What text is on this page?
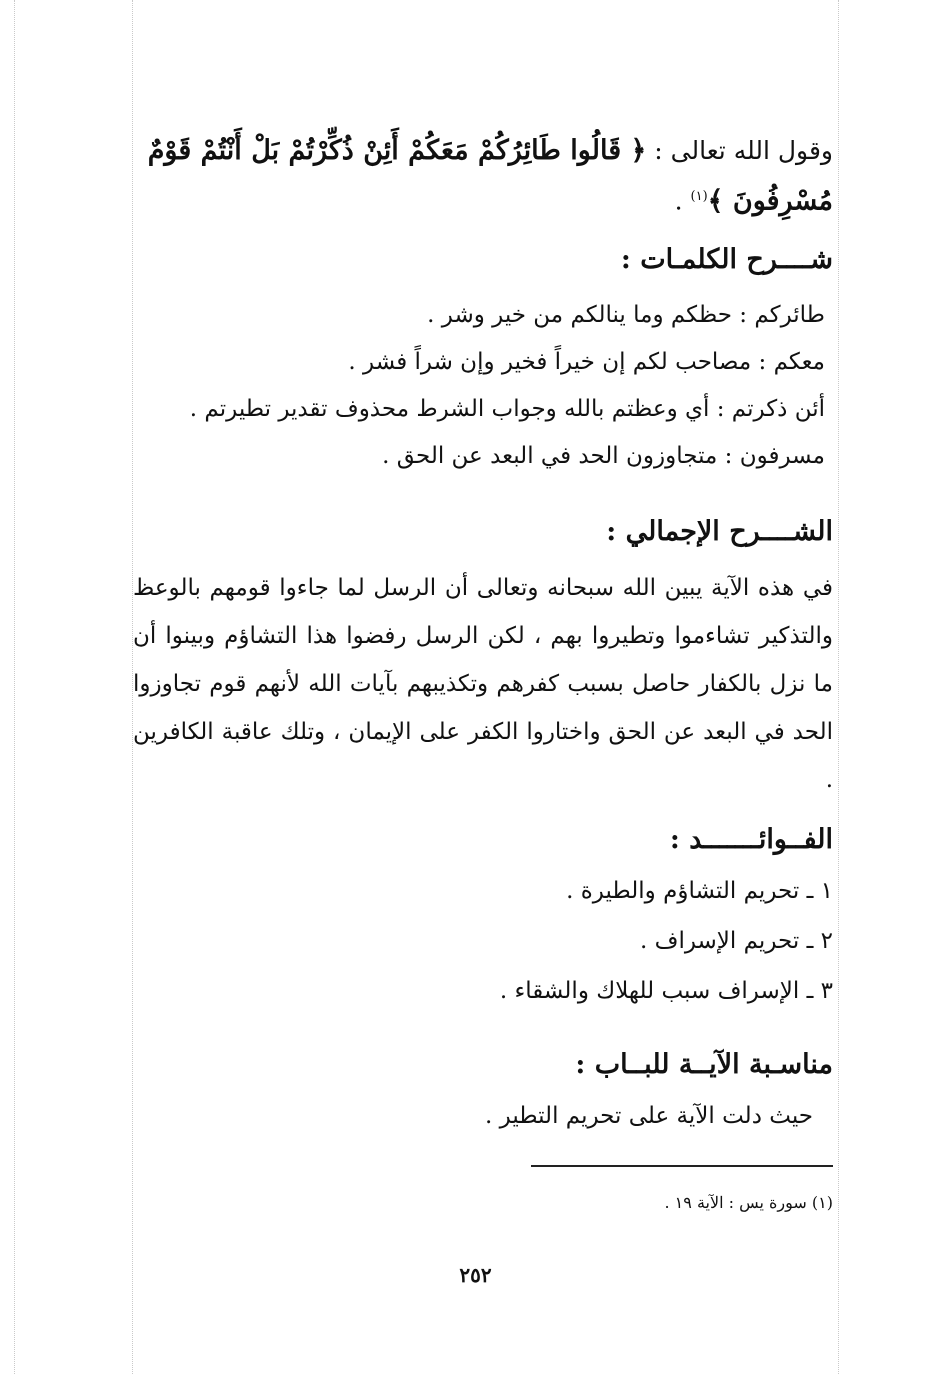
وقول الله تعالى : ﴿ قَالُوا طَائِرُكُمْ مَعَكُمْ أَئِنْ ذُكِّرْتُمْ بَلْ أَنْتُمْ قَوْمٌ مُسْرِفُونَ ﴾$^{(١)}$ .
شــــرح الكلمـات :
طائركم : حظكم وما ينالكم من خير وشر .
معكم : مصاحب لكم إن خيراً فخير وإن شراً فشر .
أئن ذكرتم : أي وعظتم بالله وجواب الشرط محذوف تقدير تطيرتم .
مسرفون : متجاوزون الحد في البعد عن الحق .
الشــــرح الإجمالي :
في هذه الآية يبين الله سبحانه وتعالى أن الرسل لما جاءوا قومهم بالوعظ والتذكير تشاءموا وتطيروا بهم ، لكن الرسل رفضوا هذا التشاؤم وبينوا أن ما نزل بالكفار حاصل بسبب كفرهم وتكذيبهم بآيات الله لأنهم قوم تجاوزوا الحد في البعد عن الحق واختاروا الكفر على الإيمان ، وتلك عاقبة الكافرين .
الفــوائـــــــد :
١ ـ تحريم التشاؤم والطيرة .
٢ ـ تحريم الإسراف .
٣ ـ الإسراف سبب للهلاك والشقاء .
مناسـبة الآيــة للبــاب :
حيث دلت الآية على تحريم التطير .
(١) سورة يس : الآية ١٩ .
٢٥٢
